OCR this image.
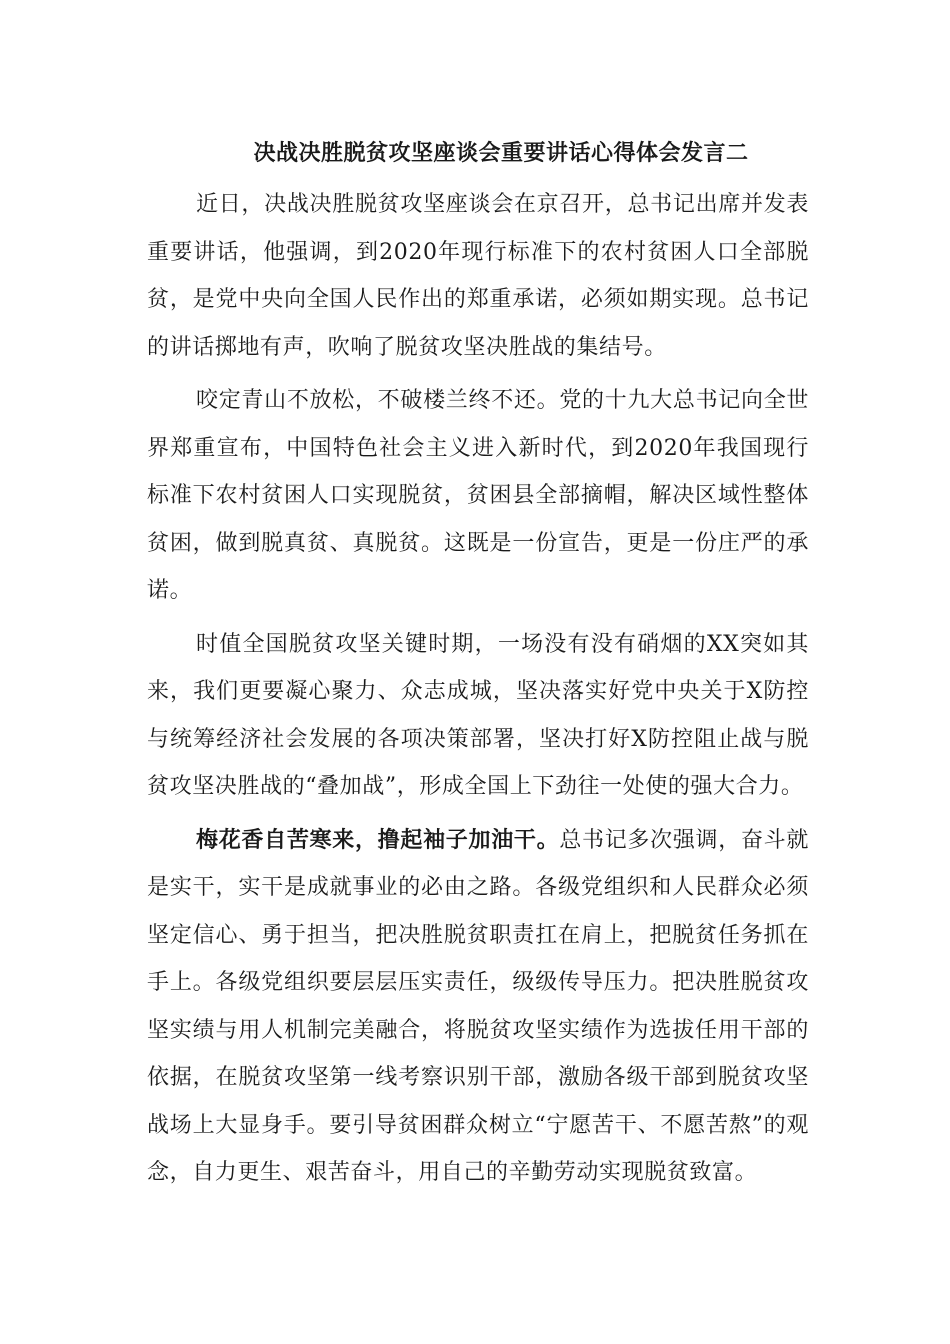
决战决胜脱贫攻坚座谈会重要讲话心得体会发言二

近日，决战决胜脱贫攻坚座谈会在京召开，总书记出席并发表重要讲话，他强调，到2020年现行标准下的农村贫困人口全部脱贫，是党中央向全国人民作出的郑重承诺，必须如期实现。总书记的讲话掷地有声，吹响了脱贫攻坚决胜战的集结号。

咬定青山不放松，不破楼兰终不还。党的十九大总书记向全世界郑重宣布，中国特色社会主义进入新时代，到2020年我国现行标准下农村贫困人口实现脱贫，贫困县全部摘帽，解决区域性整体贫困，做到脱真贫、真脱贫。这既是一份宣告，更是一份庄严的承诺。

时值全国脱贫攻坚关键时期，一场没有没有硝烟的XX突如其来，我们更要凝心聚力、众志成城，坚决落实好党中央关于X防控与统筹经济社会发展的各项决策部署，坚决打好X防控阻止战与脱贫攻坚决胜战的“叠加战”，形成全国上下劲往一处使的强大合力。

梅花香自苦寒来，撸起袖子加油干。总书记多次强调，奋斗就是实干，实干是成就事业的必由之路。各级党组织和人民群众必须坚定信心、勇于担当，把决胜脱贫职责扛在肩上，把脱贫任务抓在手上。各级党组织要层层压实责任，级级传导压力。把决胜脱贫攻坚实绩与用人机制完美融合，将脱贫攻坚实绩作为选拔任用干部的依据，在脱贫攻坚第一线考察识别干部，激励各级干部到脱贫攻坚战场上大显身手。要引导贫困群众树立“宁愿苦干、不愿苦熬”的观念，自力更生、艰苦奋斗，用自己的辛勤劳动实现脱贫致富。
